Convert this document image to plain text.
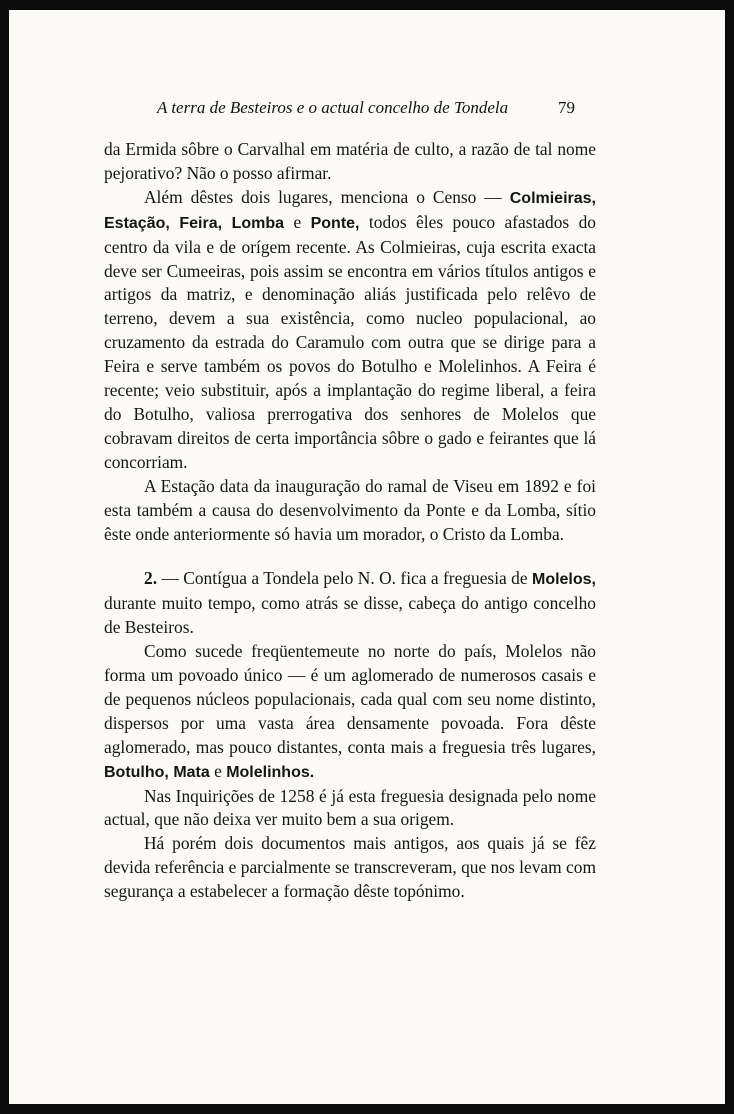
A terra de Besteiros e o actual concelho de Tondela	79

da Ermida sôbre o Carvalhal em matéria de culto, a razão de tal nome pejorativo? Não o posso afirmar.

Além dêstes dois lugares, menciona o Censo — Colmieiras, Estação, Feira, Lomba e Ponte, todos êles pouco afastados do centro da vila e de orígem recente. As Colmieiras, cuja escrita exacta deve ser Cumeeiras, pois assim se encontra em vários títulos antigos e artigos da matriz, e denominação aliás justificada pelo relêvo de terreno, devem a sua existência, como nucleo populacional, ao cruzamento da estrada do Caramulo com outra que se dirige para a Feira e serve também os povos do Botulho e Molelinhos. A Feira é recente; veio substituir, após a implantação do regime liberal, a feira do Botulho, valiosa prerrogativa dos senhores de Molelos que cobravam direitos de certa importância sôbre o gado e feirantes que lá concorriam.

A Estação data da inauguração do ramal de Viseu em 1892 e foi esta também a causa do desenvolvimento da Ponte e da Lomba, sítio êste onde anteriormente só havia um morador, o Cristo da Lomba.

2. — Contígua a Tondela pelo N. O. fica a freguesia de Molelos, durante muito tempo, como atrás se disse, cabeça do antigo concelho de Besteiros.

Como sucede freqüentemeute no norte do país, Molelos não forma um povoado único — é um aglomerado de numerosos casais e de pequenos núcleos populacionais, cada qual com seu nome distinto, dispersos por uma vasta área densamente povoada. Fora dêste aglomerado, mas pouco distantes, conta mais a freguesia três lugares, Botulho, Mata e Molelinhos.

Nas Inquirições de 1258 é já esta freguesia designada pelo nome actual, que não deixa ver muito bem a sua origem.

Há porém dois documentos mais antigos, aos quais já se fêz devida referência e parcialmente se transcreveram, que nos levam com segurança a estabelecer a formação dêste topónimo.
